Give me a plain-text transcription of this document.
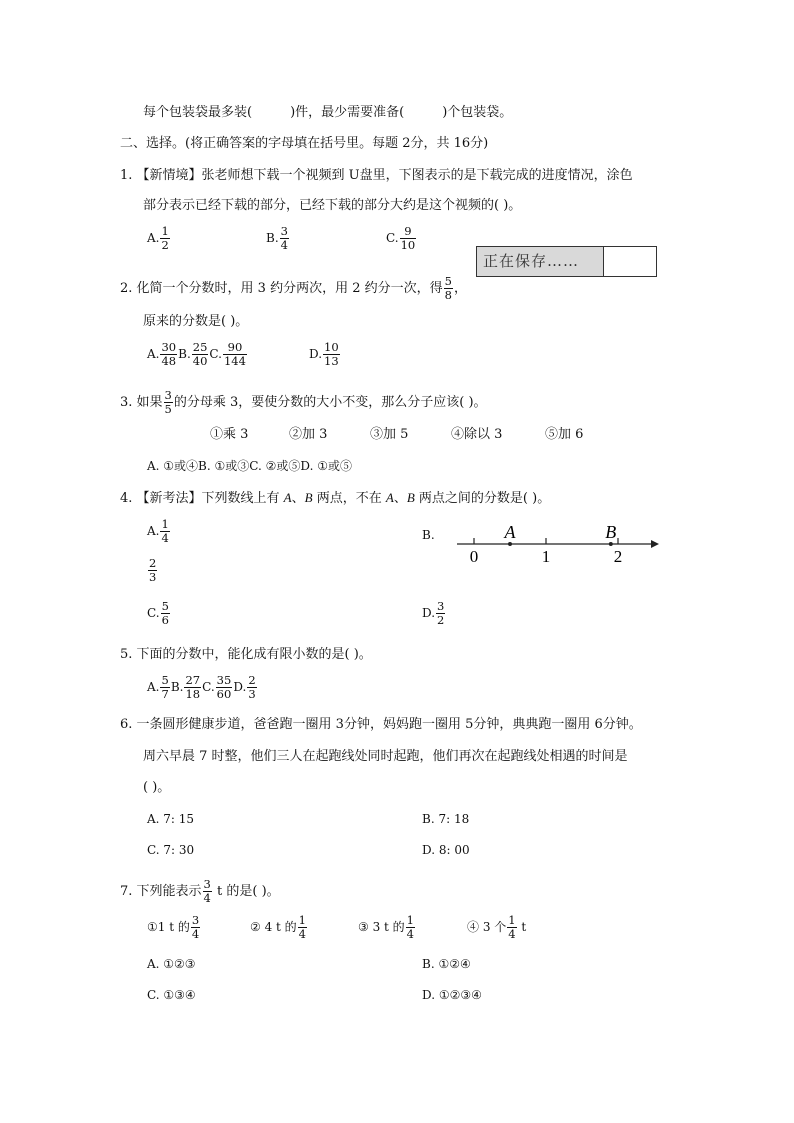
每个包装袋最多装(	)件，最少需要准备(	)个包装袋。
二、选择。(将正确答案的字母填在括号里。每题 2分，共 16分)
1. 【新情境】张老师想下载一个视频到 U盘里，下图表示的是下载完成的进度情况，涂色
部分表示已经下载的部分，已经下载的部分大约是这个视频的( )。
A. $\frac{1}{2}$	B. $\frac{3}{4}$	C. $\frac{9}{10}$
正在保存……
2. 化简一个分数时，用 3 约分两次，用 2 约分一次，得 $\frac{5}{8}$ ，
原来的分数是( )。
A. $\frac{30}{48} B$. $\frac{25}{40} C$. $\frac{90}{144}$	D. $\frac{10}{13}$
3. 如果 $\frac{3}{5}$ 的分母乘 3，要使分数的大小不变，那么分子应该( )。
①乘 3	②加 3	③加 5	④除以 3	⑤加 6
A. ①或④B. ①或③C. ②或⑤D. ①或⑤
4. 【新考法】下列数线上有 A、B 两点，不在 A、B 两点之间的分数是( )。
A. $\frac{1}{4}$	B.
$\frac{2}{3}$
C. $\frac{5}{6}$	D. $\frac{3}{2}$
0	1	2
A	B
5. 下面的分数中，能化成有限小数的是( )。
A. $\frac{5}{7} B$. $\frac{27}{18} C$. $\frac{35}{60} D$. $\frac{2}{3}$
6. 一条圆形健康步道，爸爸跑一圈用 3分钟，妈妈跑一圈用 5分钟，典典跑一圈用 6分钟。
周六早晨 7 时整，他们三人在起跑线处同时起跑，他们再次在起跑线处相遇的时间是
( )。
A. 7: 15	B. 7: 18
C. 7: 30	D. 8: 00
7. 下列能表示 $\frac{3}{4}$ t 的是( )。
①1 t 的 $\frac{3}{4}$	② 4 t 的 $\frac{1}{4}$	③ 3 t 的 $\frac{1}{4}$	④ 3 个 $\frac{1}{4}$ t
A. ①②③	B. ①②④
C. ①③④	D. ①②③④
